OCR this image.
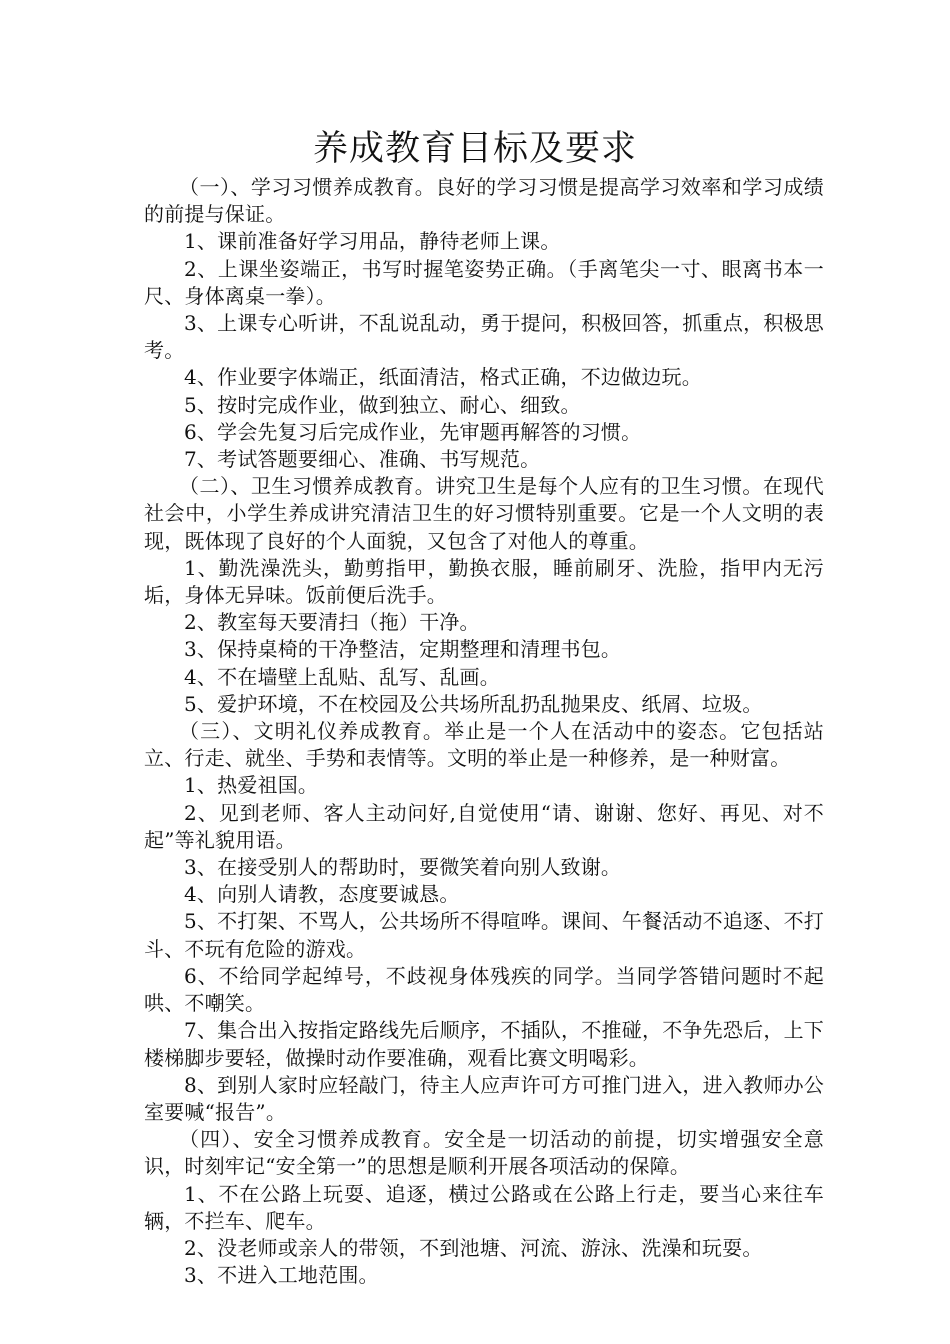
养成教育目标及要求

（一）、学习习惯养成教育。良好的学习习惯是提高学习效率和学习成绩的前提与保证。

1、课前准备好学习用品，静待老师上课。

2、上课坐姿端正，书写时握笔姿势正确。（手离笔尖一寸、眼离书本一尺、身体离桌一拳）。

3、上课专心听讲，不乱说乱动，勇于提问，积极回答，抓重点，积极思考。

4、作业要字体端正，纸面清洁，格式正确，不边做边玩。

5、按时完成作业，做到独立、耐心、细致。

6、学会先复习后完成作业，先审题再解答的习惯。

7、考试答题要细心、准确、书写规范。

（二）、卫生习惯养成教育。讲究卫生是每个人应有的卫生习惯。在现代社会中，小学生养成讲究清洁卫生的好习惯特别重要。它是一个人文明的表现，既体现了良好的个人面貌，又包含了对他人的尊重。

1、勤洗澡洗头，勤剪指甲，勤换衣服，睡前刷牙、洗脸，指甲内无污垢，身体无异味。饭前便后洗手。

2、教室每天要清扫（拖）干净。

3、保持桌椅的干净整洁，定期整理和清理书包。

4、不在墙壁上乱贴、乱写、乱画。

5、爱护环境，不在校园及公共场所乱扔乱抛果皮、纸屑、垃圾。

（三）、文明礼仪养成教育。举止是一个人在活动中的姿态。它包括站立、行走、就坐、手势和表情等。文明的举止是一种修养，是一种财富。

1、热爱祖国。

2、见到老师、客人主动问好,自觉使用“请、谢谢、您好、再见、对不起”等礼貌用语。

3、在接受别人的帮助时，要微笑着向别人致谢。

4、向别人请教，态度要诚恳。

5、不打架、不骂人，公共场所不得喧哗。课间、午餐活动不追逐、不打斗、不玩有危险的游戏。

6、不给同学起绰号，不歧视身体残疾的同学。当同学答错问题时不起哄、不嘲笑。

7、集合出入按指定路线先后顺序，不插队，不推碰，不争先恐后，上下楼梯脚步要轻，做操时动作要准确，观看比赛文明喝彩。

8、到别人家时应轻敲门，待主人应声许可方可推门进入，进入教师办公室要喊“报告”。

（四）、安全习惯养成教育。安全是一切活动的前提，切实增强安全意识，时刻牢记“安全第一”的思想是顺利开展各项活动的保障。

1、不在公路上玩耍、追逐，横过公路或在公路上行走，要当心来往车辆，不拦车、爬车。

2、没老师或亲人的带领，不到池塘、河流、游泳、洗澡和玩耍。

3、不进入工地范围。
